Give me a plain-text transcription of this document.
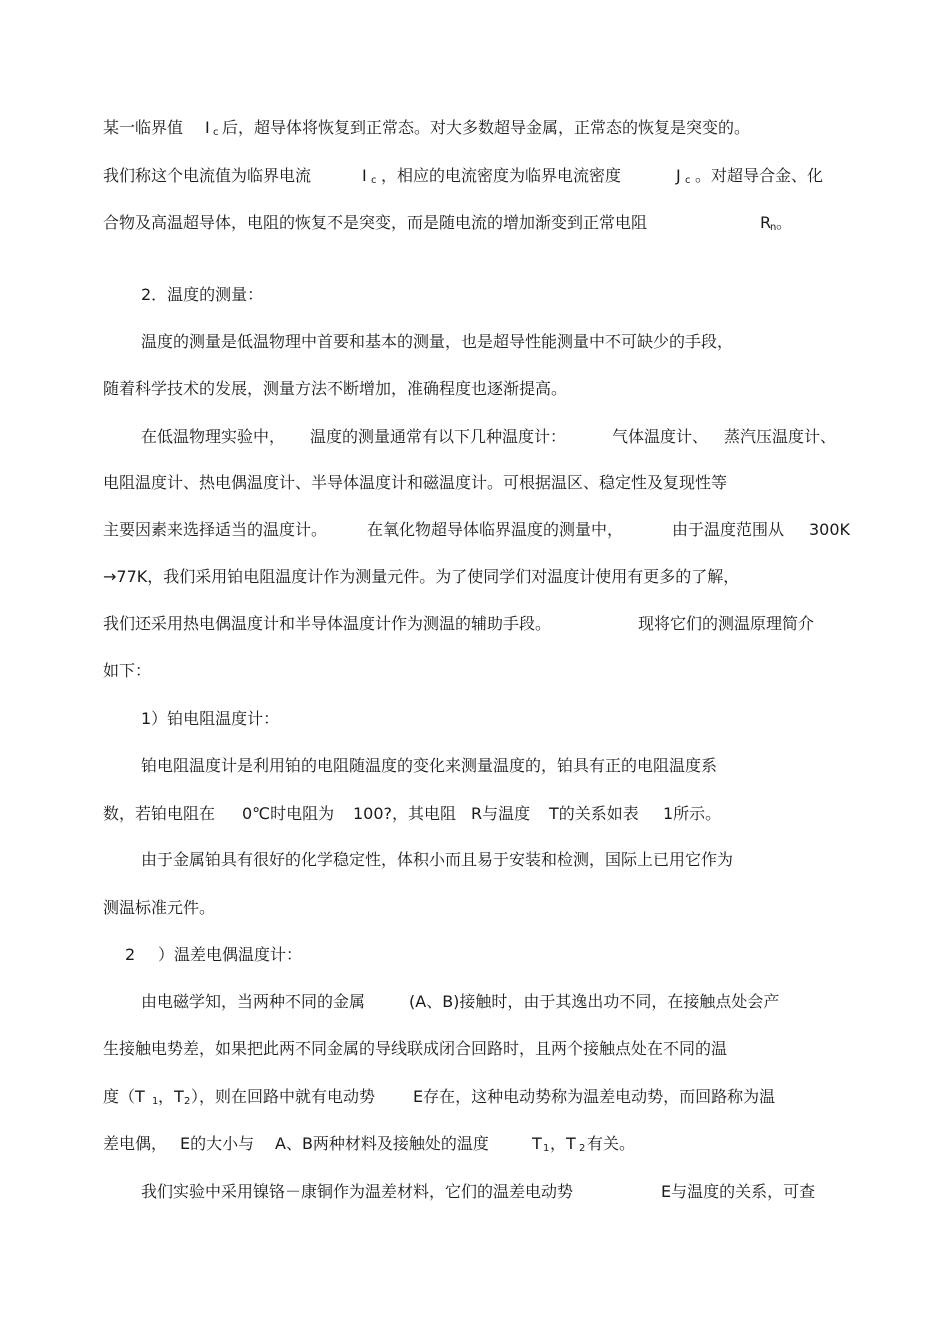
某一临界值 I c 后，超导体将恢复到正常态。对大多数超导金属，正常态的恢复是突变的。
我们称这个电流值为临界电流	I c ，相应的电流密度为临界电流密度	J c 。对超导合金、化
合物及高温超导体，电阻的恢复不是突变，而是随电流的增加渐变到正常电阻	R
n 。
2．温度的测量：
温度的测量是低温物理中首要和基本的测量，也是超导性能测量中不可缺少的手段，
随着科学技术的发展，测量方法不断增加，准确程度也逐渐提高。
在低温物理实验中， 温度的测量通常有以下几种温度计：	气体温度计、 蒸汽压温度计、
电阻温度计、热电偶温度计、半导体温度计和磁温度计。可根据温区、稳定性及复现性等
主要因素来选择适当的温度计。 在氧化物超导体临界温度的测量中，	由于温度范围从 300K
→77K，我们采用铂电阻温度计作为测量元件。为了使同学们对温度计使用有更多的了解，
我们还采用热电偶温度计和半导体温度计作为测温的辅助手段。	现将它们的测温原理简介
如下：
1）铂电阻温度计：
铂电阻温度计是利用铂的电阻随温度的变化来测量温度的，铂具有正的电阻温度系
数，若铂电阻在 0℃时电阻为 100?，其电阻 R与温度 T的关系如表 1所示。
由于金属铂具有很好的化学稳定性，体积小而且易于安装和检测，国际上已用它作为
测温标准元件。
2 ）温差电偶温度计：
由电磁学知，当两种不同的金属	(A、B)接触时，由于其逸出功不同，在接触点处会产
生接触电势差，如果把此两不同金属的导线联成闭合回路时，且两个接触点处在不同的温
度（T 1 ，T 2 ），则在回路中就有电动势 E存在，这种电动势称为温差电动势，而回路称为温
差电偶， E的大小与 A、B两种材料及接触处的温度	T 1 ，T 2 有关。
我们实验中采用镍铬－康铜作为温差材料，它们的温差电动势	E与温度的关系，可查
